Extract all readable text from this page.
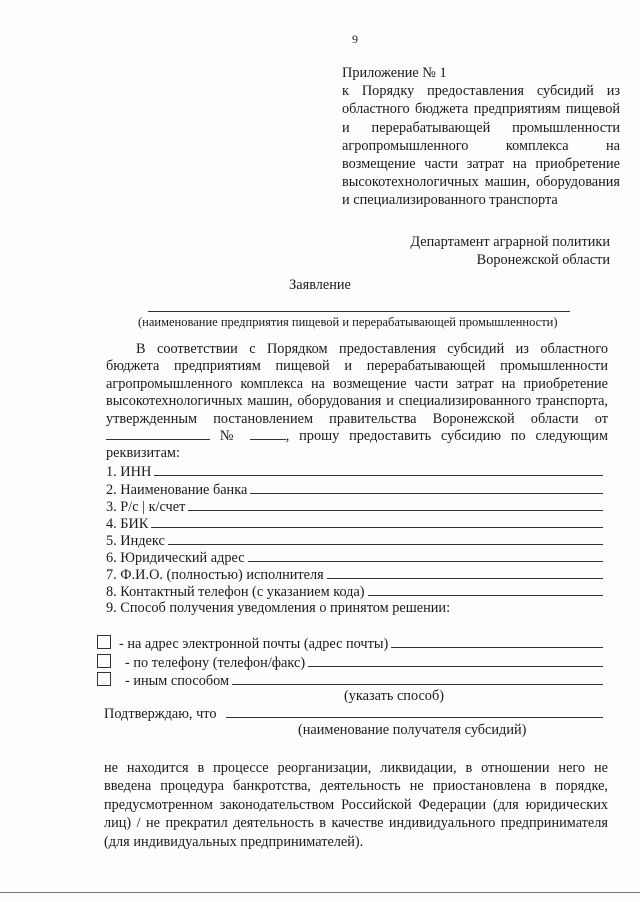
9
Приложение № 1
к Порядку предоставления субсидий из областного бюджета предприятиям пищевой и перерабатывающей промышленности агропромышленного комплекса на возмещение части затрат на приобретение высокотехнологичных машин, оборудования и специализированного транспорта
Департамент аграрной политики
Воронежской области
Заявление
(наименование предприятия пищевой и перерабатывающей промышленности)
В соответствии с Порядком предоставления субсидий из областного бюджета предприятиям пищевой и перерабатывающей промышленности агропромышленного комплекса на возмещение части затрат на приобретение высокотехнологичных машин, оборудования и специализированного транспорта, утвержденным постановлением правительства Воронежской области от  №	, прошу предоставить субсидию по следующим реквизитам:
1. ИНН
2. Наименование банка
3. Р/с | к/счет
4. БИК
5. Индекс
6. Юридический адрес
7. Ф.И.О. (полностью) исполнителя
8. Контактный телефон (с указанием кода)
9. Способ получения уведомления о принятом решении:
- на адрес электронной почты (адрес почты)
- по телефону (телефон/факс)
- иным способом
(указать способ)
Подтверждаю, что
(наименование получателя субсидий)
не находится в процессе реорганизации, ликвидации, в отношении него не введена процедура банкротства, деятельность не приостановлена в порядке, предусмотренном законодательством Российской Федерации (для юридических лиц) / не прекратил деятельность в качестве индивидуального предпринимателя (для индивидуальных предпринимателей).
